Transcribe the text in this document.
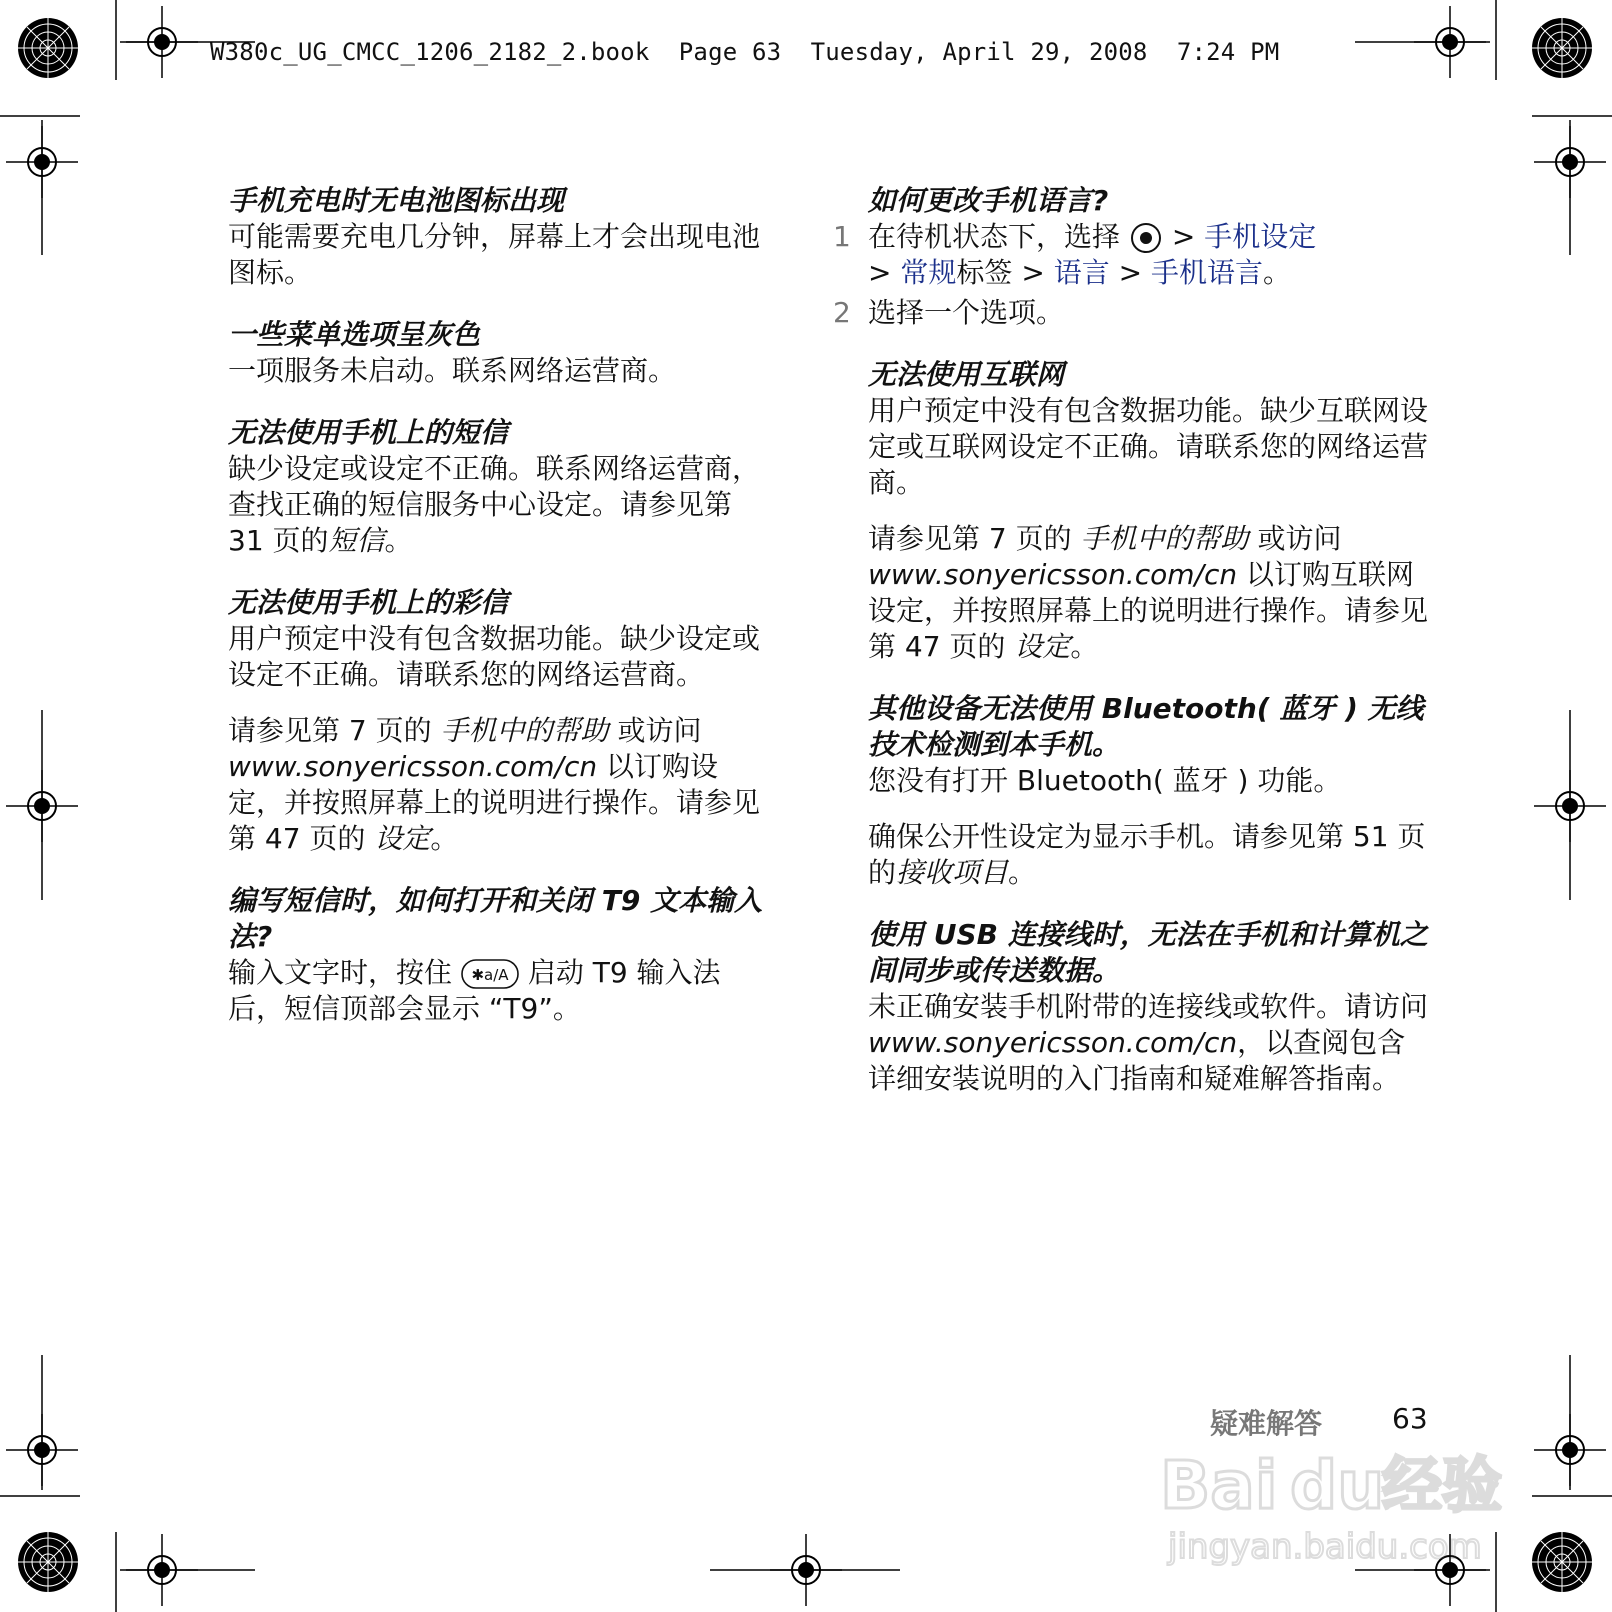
W380c_UG_CMCC_1206_2182_2.book  Page 63  Tuesday, April 29, 2008  7:24 PM

手机充电时无电池图标出现

可能需要充电几分钟，屏幕上才会出现电池图标。

一些菜单选项呈灰色

一项服务未启动。联系网络运营商。

无法使用手机上的短信

缺少设定或设定不正确。联系网络运营商，查找正确的短信服务中心设定。请参见第 31 页的短信。

无法使用手机上的彩信

用户预定中没有包含数据功能。缺少设定或设定不正确。请联系您的网络运营商。

请参见第 7 页的 手机中的帮助 或访问
www.sonyericsson.com/cn 以订购设定，并按照屏幕上的说明进行操作。请参见第 47 页的 设定。

编写短信时，如何打开和关闭 T9 文本输入法?

输入文字时，按住 ✱a/A 启动 T9 输入法后，短信顶部会显示 “T9”。

如何更改手机语言?

1 在待机状态下，选择 > 手机设定
> 常规标签 > 语言 > 手机语言。

2 选择一个选项。

无法使用互联网

用户预定中没有包含数据功能。缺少互联网设定或互联网设定不正确。请联系您的网络运营商。

请参见第 7 页的 手机中的帮助 或访问
www.sonyericsson.com/cn 以订购互联网设定，并按照屏幕上的说明进行操作。请参见第 47 页的 设定。

其他设备无法使用 Bluetooth( 蓝牙 ) 无线技术检测到本手机。

您没有打开 Bluetooth( 蓝牙 ) 功能。

确保公开性设定为显示手机。请参见第 51 页的接收项目。

使用 USB 连接线时，无法在手机和计算机之间同步或传送数据。

未正确安装手机附带的连接线或软件。请访问 www.sonyericsson.com/cn，以查阅包含详细安装说明的入门指南和疑难解答指南。

疑难解答 63
Bai du
经验
jingyan.baidu.com
